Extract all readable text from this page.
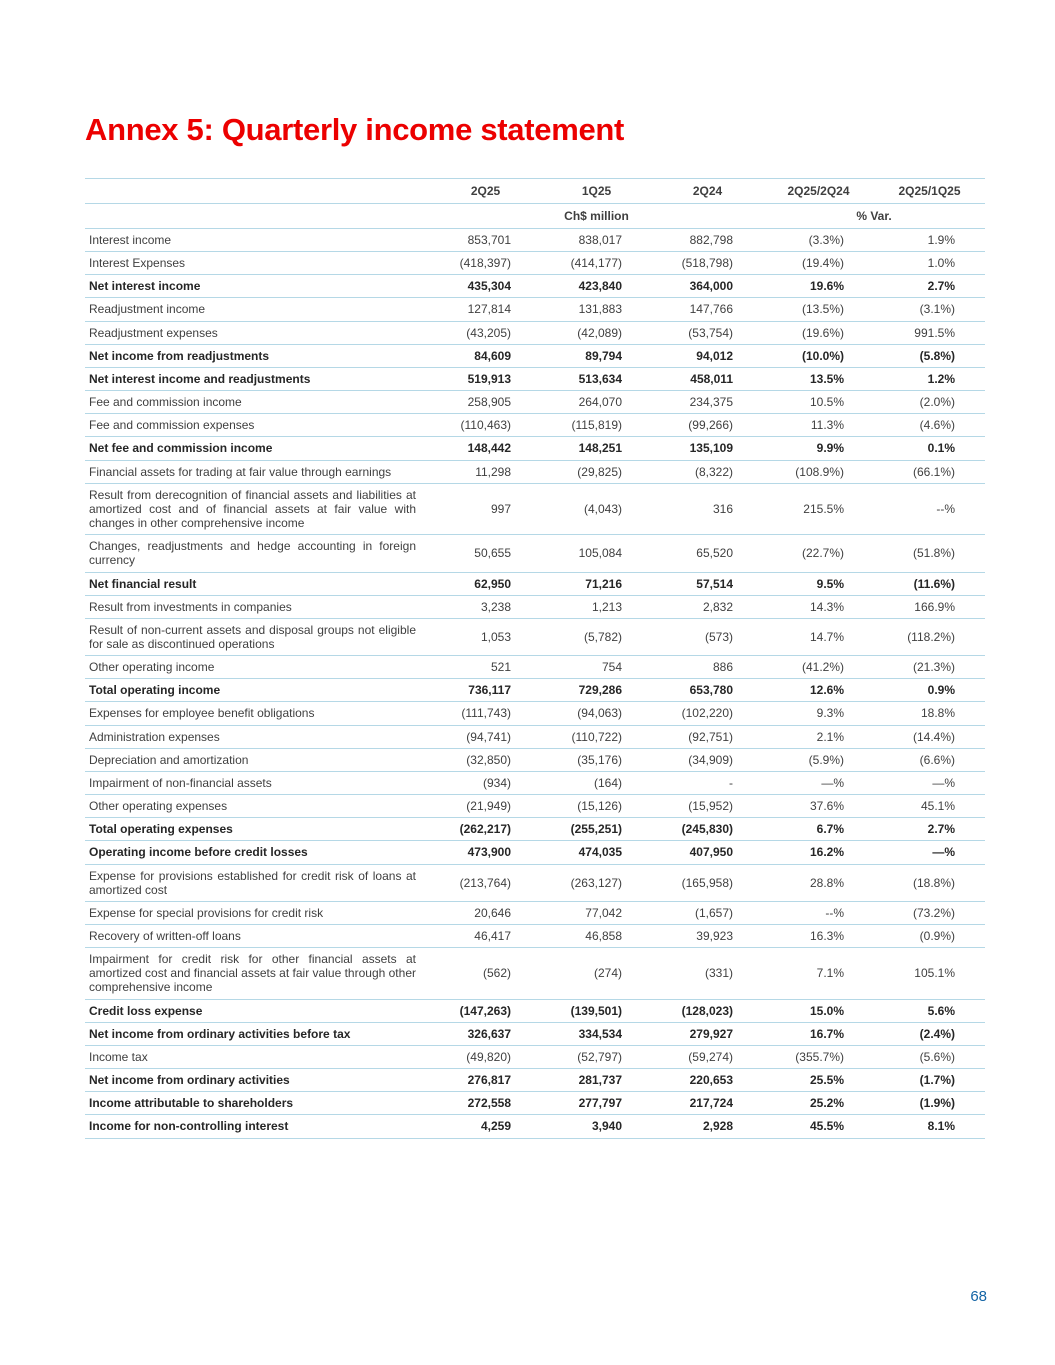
Annex 5: Quarterly income statement
	2Q25	1Q25	2Q24	2Q25/2Q24	2Q25/1Q25
	Ch$ million			% Var.	
Interest income	853,701	838,017	882,798	(3.3%)	1.9%
Interest Expenses	(418,397)	(414,177)	(518,798)	(19.4%)	1.0%
Net interest income	435,304	423,840	364,000	19.6%	2.7%
Readjustment income	127,814	131,883	147,766	(13.5%)	(3.1%)
Readjustment expenses	(43,205)	(42,089)	(53,754)	(19.6%)	991.5%
Net income from readjustments	84,609	89,794	94,012	(10.0%)	(5.8%)
Net interest income and readjustments	519,913	513,634	458,011	13.5%	1.2%
Fee and commission income	258,905	264,070	234,375	10.5%	(2.0%)
Fee and commission expenses	(110,463)	(115,819)	(99,266)	11.3%	(4.6%)
Net fee and commission income	148,442	148,251	135,109	9.9%	0.1%
Financial assets for trading at fair value through earnings	11,298	(29,825)	(8,322)	(108.9%)	(66.1%)
Result from derecognition of financial assets and liabilities at amortized cost and of financial assets at fair value with changes in other comprehensive income	997	(4,043)	316	215.5%	--%
Changes, readjustments and hedge accounting in foreign currency	50,655	105,084	65,520	(22.7%)	(51.8%)
Net financial result	62,950	71,216	57,514	9.5%	(11.6%)
Result from investments in companies	3,238	1,213	2,832	14.3%	166.9%
Result of non-current assets and disposal groups not eligible for sale as discontinued operations	1,053	(5,782)	(573)	14.7%	(118.2%)
Other operating income	521	754	886	(41.2%)	(21.3%)
Total operating income	736,117	729,286	653,780	12.6%	0.9%
Expenses for employee benefit obligations	(111,743)	(94,063)	(102,220)	9.3%	18.8%
Administration expenses	(94,741)	(110,722)	(92,751)	2.1%	(14.4%)
Depreciation and amortization	(32,850)	(35,176)	(34,909)	(5.9%)	(6.6%)
Impairment of non-financial assets	(934)	(164)	-	—%	—%
Other operating expenses	(21,949)	(15,126)	(15,952)	37.6%	45.1%
Total operating expenses	(262,217)	(255,251)	(245,830)	6.7%	2.7%
Operating income before credit losses	473,900	474,035	407,950	16.2%	—%
Expense for provisions established for credit risk of loans at amortized cost	(213,764)	(263,127)	(165,958)	28.8%	(18.8%)
Expense for special provisions for credit risk	20,646	77,042	(1,657)	--%	(73.2%)
Recovery of written-off loans	46,417	46,858	39,923	16.3%	(0.9%)
Impairment for credit risk for other financial assets at amortized cost and financial assets at fair value through other comprehensive income	(562)	(274)	(331)	7.1%	105.1%
Credit loss expense	(147,263)	(139,501)	(128,023)	15.0%	5.6%
Net income from ordinary activities before tax	326,637	334,534	279,927	16.7%	(2.4%)
Income tax	(49,820)	(52,797)	(59,274)	(355.7%)	(5.6%)
Net income from ordinary activities	276,817	281,737	220,653	25.5%	(1.7%)
Income attributable to shareholders	272,558	277,797	217,724	25.2%	(1.9%)
Income for non-controlling interest	4,259	3,940	2,928	45.5%	8.1%
68
